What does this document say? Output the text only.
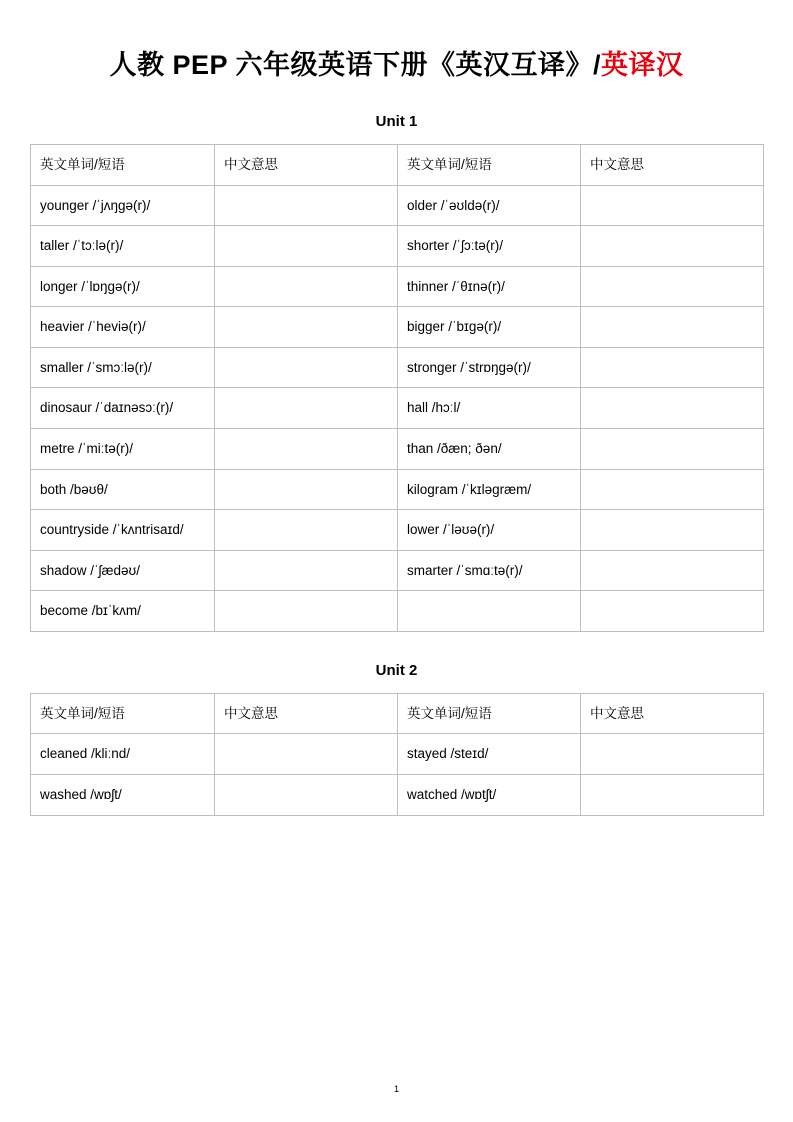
人教 PEP 六年级英语下册《英汉互译》/英译汉
Unit 1
英文单词/短语	中文意思	英文单词/短语	中文意思
younger /ˈjʌŋgə(r)/		older /ˈəʊldə(r)/	
taller /ˈtɔːlə(r)/		shorter /ˈʃɔːtə(r)/	
longer /ˈlɒŋgə(r)/		thinner /ˈθɪnə(r)/	
heavier /ˈheviə(r)/		bigger /ˈbɪgə(r)/	
smaller /ˈsmɔːlə(r)/		stronger /ˈstrɒŋgə(r)/	
dinosaur /ˈdaɪnəsɔː(r)/		hall /hɔːl/	
metre /ˈmiːtə(r)/		than /ðæn; ðən/	
both /bəʊθ/		kilogram /ˈkɪləgræm/	
countryside /ˈkʌntrisaɪd/		lower /ˈləʊə(r)/	
shadow /ˈʃædəʊ/		smarter /ˈsmɑːtə(r)/	
become /bɪˈkʌm/			
Unit 2
英文单词/短语	中文意思	英文单词/短语	中文意思
cleaned /kliːnd/		stayed /steɪd/	
washed /wɒʃt/		watched /wɒtʃt/	
1
